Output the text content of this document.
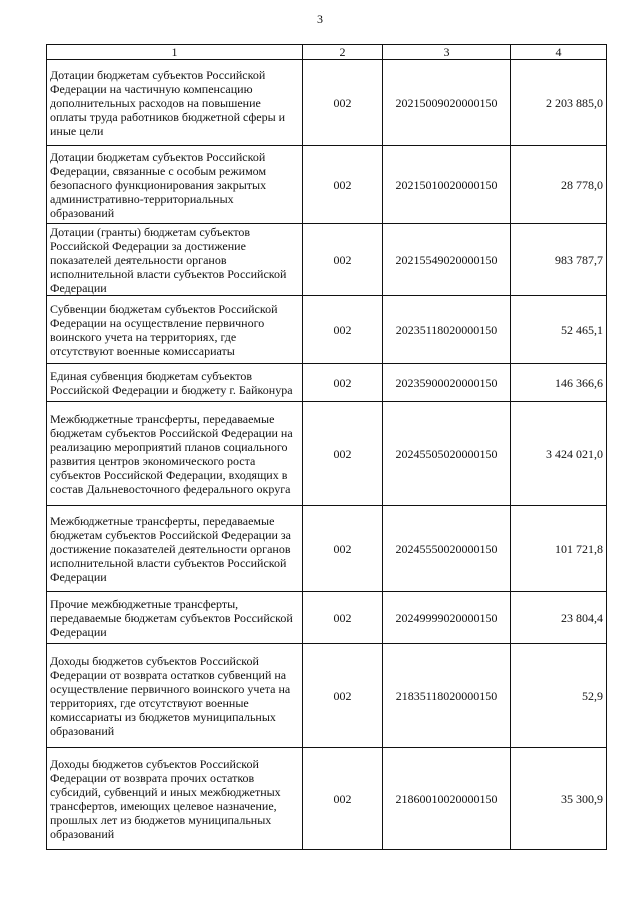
3
1	2	3	4
Дотации бюджетам субъектов Российской Федерации на частичную компенсацию дополнительных расходов на повышение оплаты труда работников бюджетной сферы и иные цели	002	20215009020000150	2 203 885,0
Дотации бюджетам субъектов Российской Федерации, связанные с особым режимом безопасного функционирования закрытых административно-территориальных образований	002	20215010020000150	28 778,0
Дотации (гранты) бюджетам субъектов Российской Федерации за достижение показателей деятельности органов исполнительной власти субъектов Российской Федерации	002	20215549020000150	983 787,7
Субвенции бюджетам субъектов Российской Федерации на осуществление первичного воинского учета на территориях, где отсутствуют военные комиссариаты	002	20235118020000150	52 465,1
Единая субвенция бюджетам субъектов Российской Федерации и бюджету г. Байконура	002	20235900020000150	146 366,6
Межбюджетные трансферты, передаваемые бюджетам субъектов Российской Федерации на реализацию мероприятий планов социального развития центров экономического роста субъектов Российской Федерации, входящих в состав Дальневосточного федерального округа	002	20245505020000150	3 424 021,0
Межбюджетные трансферты, передаваемые бюджетам субъектов Российской Федерации за достижение показателей деятельности органов исполнительной власти субъектов Российской Федерации	002	20245550020000150	101 721,8
Прочие межбюджетные трансферты, передаваемые бюджетам субъектов Российской Федерации	002	20249999020000150	23 804,4
Доходы бюджетов субъектов Российской Федерации от возврата остатков субвенций на осуществление первичного воинского учета на территориях, где отсутствуют военные комиссариаты из бюджетов муниципальных образований	002	21835118020000150	52,9
Доходы бюджетов субъектов Российской Федерации от возврата прочих остатков субсидий, субвенций и иных межбюджетных трансфертов, имеющих целевое назначение, прошлых лет из бюджетов муниципальных образований	002	21860010020000150	35 300,9
